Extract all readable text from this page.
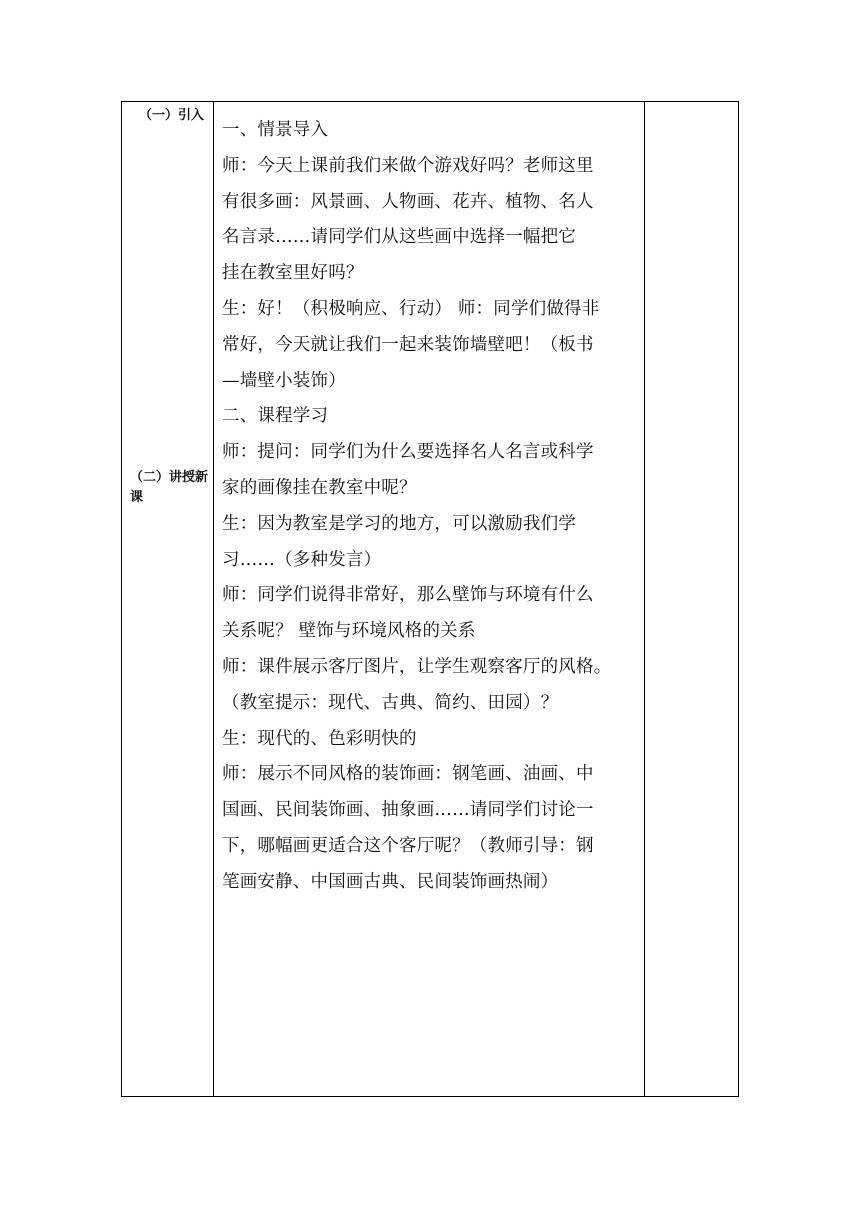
（一）引入
（二）讲授新课
一、情景导入
师：今天上课前我们来做个游戏好吗？老师这里
有很多画：风景画、人物画、花卉、植物、名人
名言录……请同学们从这些画中选择一幅把它
挂在教室里好吗？
生：好！（积极响应、行动） 师：同学们做得非
常好，今天就让我们一起来装饰墙壁吧！（板书
—墙壁小装饰）
二、课程学习
师：提问：同学们为什么要选择名人名言或科学
家的画像挂在教室中呢？
生：因为教室是学习的地方，可以激励我们学
习……（多种发言）
师：同学们说得非常好，那么壁饰与环境有什么
关系呢？ 壁饰与环境风格的关系
师：课件展示客厅图片，让学生观察客厅的风格。
（教室提示：现代、古典、简约、田园）？
生：现代的、色彩明快的
师：展示不同风格的装饰画：钢笔画、油画、中
国画、民间装饰画、抽象画……请同学们讨论一
下，哪幅画更适合这个客厅呢？（教师引导：钢
笔画安静、中国画古典、民间装饰画热闹）
